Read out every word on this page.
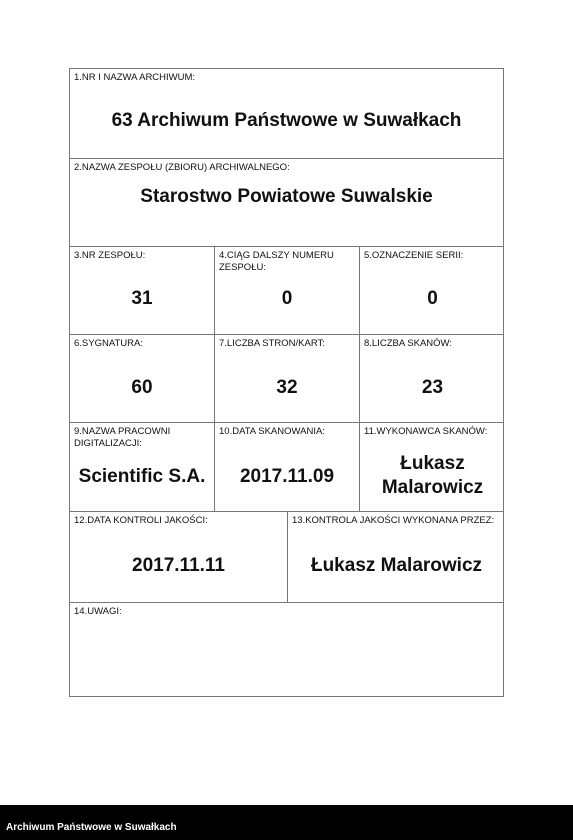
1.NR I NAZWA ARCHIWUM:
63 Archiwum Państwowe w Suwałkach
2.NAZWA ZESPOŁU (ZBIORU) ARCHIWALNEGO:
Starostwo Powiatowe Suwalskie
3.NR ZESPOŁU:
31
4.CIĄG DALSZY NUMERU ZESPOŁU:
0
5.OZNACZENIE SERII:
0
6.SYGNATURA:
60
7.LICZBA STRON/KART:
32
8.LICZBA SKANÓW:
23
9.NAZWA PRACOWNI DIGITALIZACJI:
Scientific S.A.
10.DATA SKANOWANIA:
2017.11.09
11.WYKONAWCA SKANÓW:
Łukasz
Malarowicz
12.DATA KONTROLI JAKOŚCI:
2017.11.11
13.KONTROLA JAKOŚCI WYKONANA PRZEZ:
Łukasz Malarowicz
14.UWAGI:
Archiwum Państwowe w Suwałkach
